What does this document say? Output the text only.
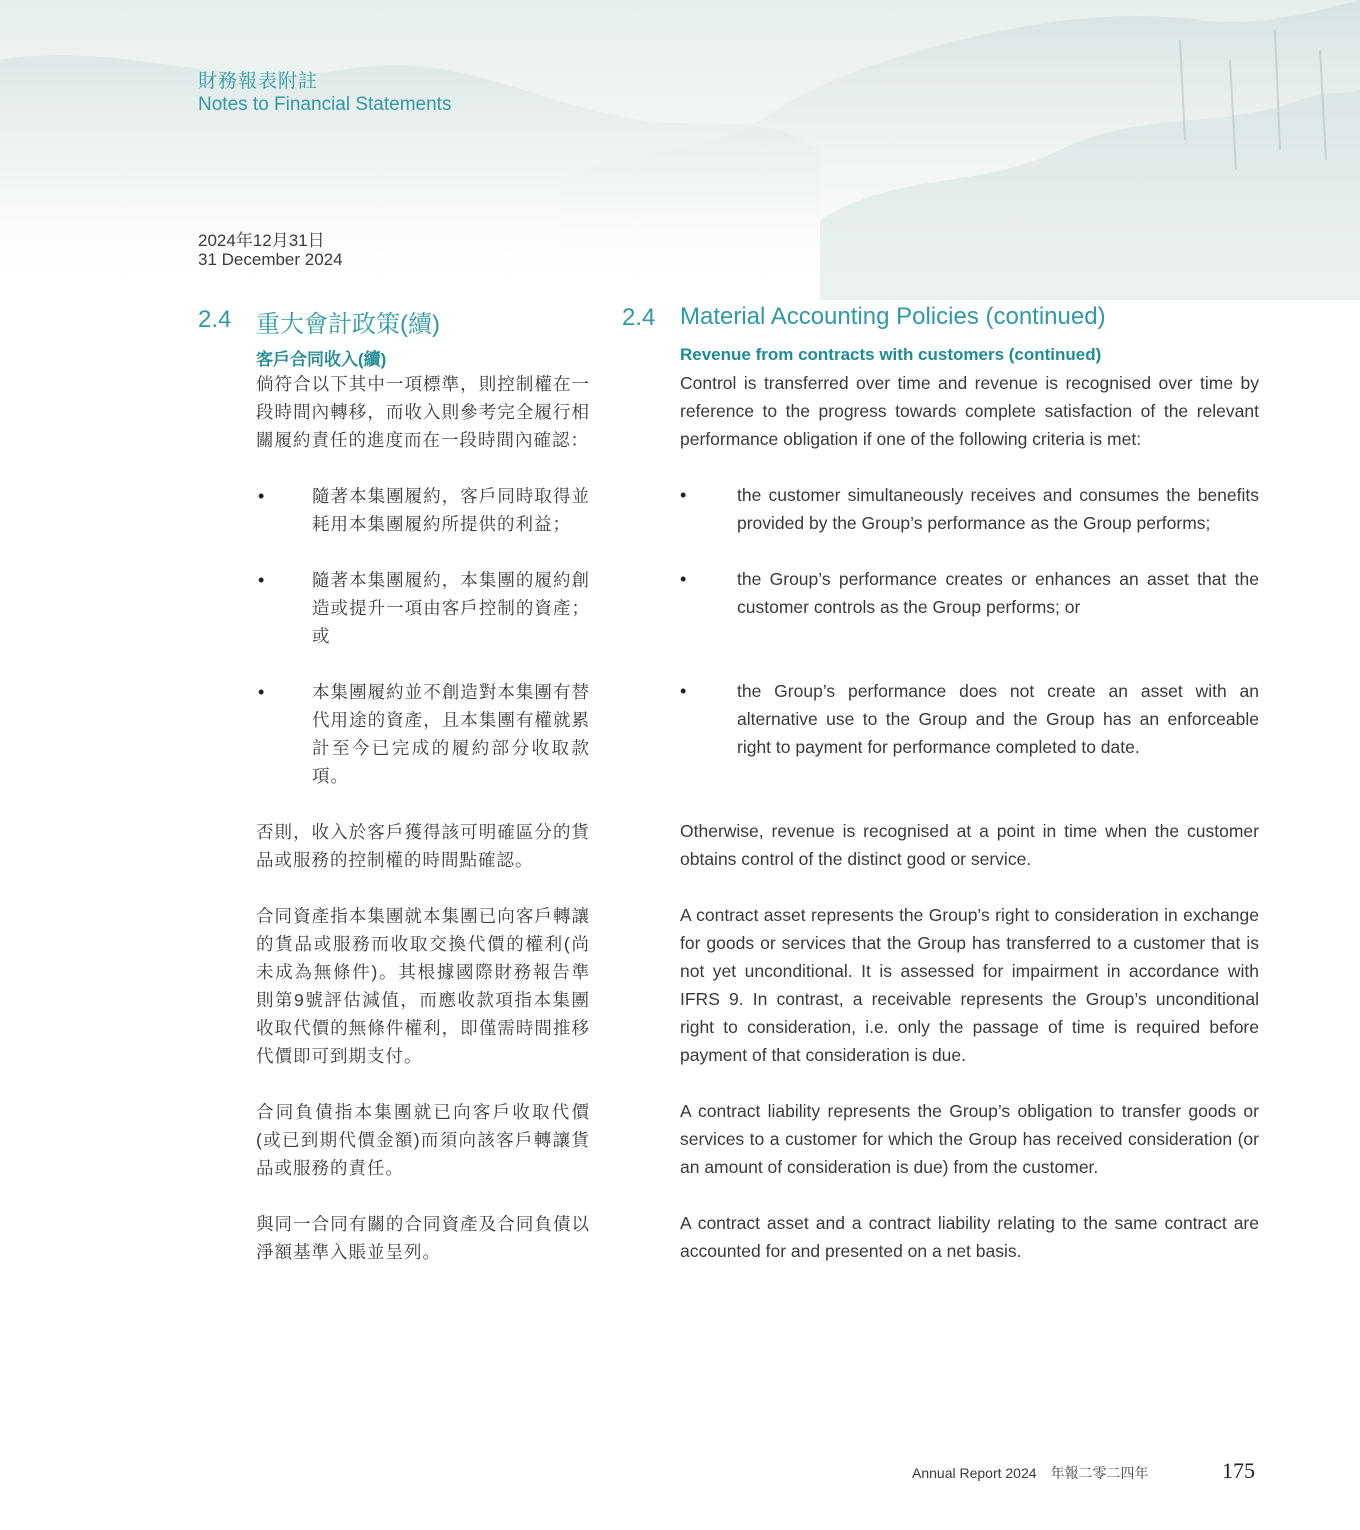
財務報表附註
Notes to Financial Statements
2024年12月31日
31 December 2024
2.4 重大會計政策(續)	2.4 Material Accounting Policies (continued)
客戶合同收入(續)	Revenue from contracts with customers (continued)
倘符合以下其中一項標準，則控制權在一段時間內轉移，而收入則參考完全履行相關履約責任的進度而在一段時間內確認：
•	隨著本集團履約，客戶同時取得並耗用本集團履約所提供的利益；
•	隨著本集團履約，本集團的履約創造或提升一項由客戶控制的資產；或
•	本集團履約並不創造對本集團有替代用途的資產，且本集團有權就累計至今已完成的履約部分收取款項。
否則，收入於客戶獲得該可明確區分的貨品或服務的控制權的時間點確認。
合同資產指本集團就本集團已向客戶轉讓的貨品或服務而收取交換代價的權利(尚未成為無條件)。其根據國際財務報告準則第9號評估減值，而應收款項指本集團收取代價的無條件權利，即僅需時間推移代價即可到期支付。
合同負債指本集團就已向客戶收取代價(或已到期代價金額)而須向該客戶轉讓貨品或服務的責任。
與同一合同有關的合同資產及合同負債以淨額基準入賬並呈列。
Control is transferred over time and revenue is recognised over time by reference to the progress towards complete satisfaction of the relevant performance obligation if one of the following criteria is met:
•	the customer simultaneously receives and consumes the benefits provided by the Group’s performance as the Group performs;
•	the Group’s performance creates or enhances an asset that the customer controls as the Group performs; or
•	the Group’s performance does not create an asset with an alternative use to the Group and the Group has an enforceable right to payment for performance completed to date.
Otherwise, revenue is recognised at a point in time when the customer obtains control of the distinct good or service.
A contract asset represents the Group’s right to consideration in exchange for goods or services that the Group has transferred to a customer that is not yet unconditional. It is assessed for impairment in accordance with IFRS 9. In contrast, a receivable represents the Group’s unconditional right to consideration, i.e. only the passage of time is required before payment of that consideration is due.
A contract liability represents the Group’s obligation to transfer goods or services to a customer for which the Group has received consideration (or an amount of consideration is due) from the customer.
A contract asset and a contract liability relating to the same contract are accounted for and presented on a net basis.
Annual Report 2024　年報二零二四年	175
